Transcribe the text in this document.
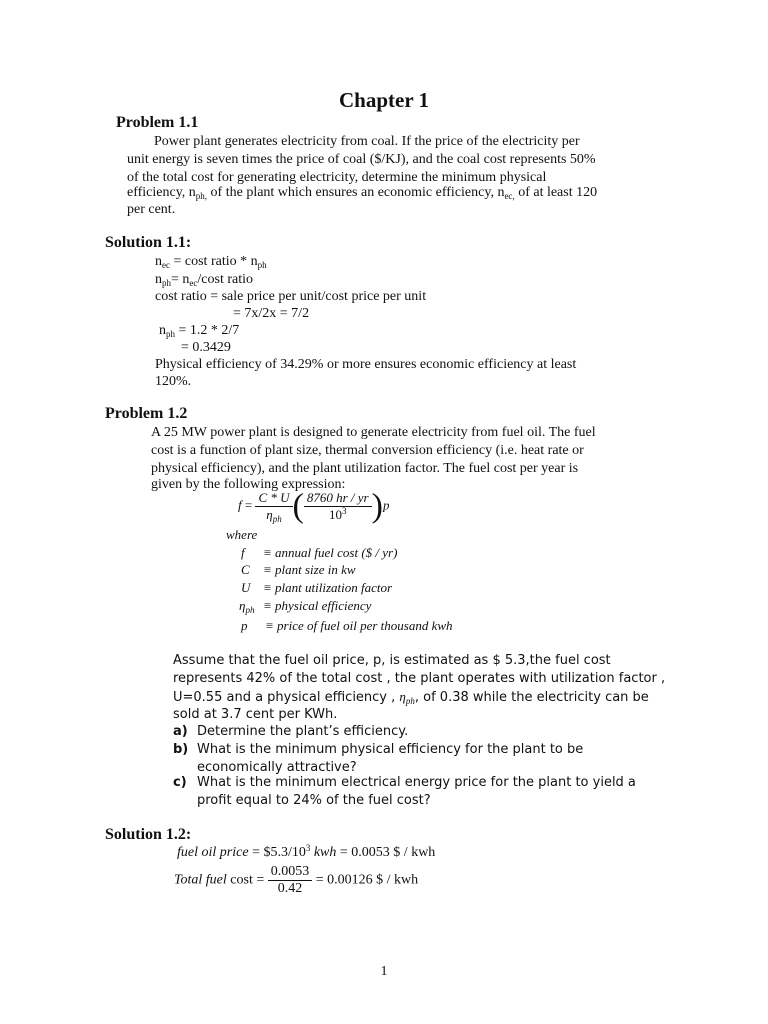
Chapter 1
Problem 1.1
Power plant generates electricity from coal. If the price of the electricity per
unit energy is seven times the price of coal ($/KJ), and the coal cost represents 50%
of the total cost for generating electricity, determine the minimum physical
efficiency, $n_{ph,}$ of the plant which ensures an economic efficiency, $n_{ec,}$ of at least 120
per cent.
Solution 1.1:
$n_{ec} = \cos t$ ratio * $n_{ph}$
$n_{ph}= n_{ec}/\cos t$ ratio
cost ratio = sale price per unit/cost price per unit
= 7x/2x = 7/2
$n_{ph} = 1.2 * 2/7$
= 0.3429
Physical efficiency of 34.29% or more ensures economic efficiency at least
120%.
Problem 1.2
A 25 MW power plant is designed to generate electricity from fuel oil. The fuel
cost is a function of plant size, thermal conversion efficiency (i.e. heat rate or
physical efficiency), and the plant utilization factor. The fuel cost per year is
given by the following expression:
$f = \frac{C * U}{\eta_{ph}}$ ( $\frac{8760 hr / yr}{10^3} )p$
where
f ≡ annual fuel cost ($ / yr)
C ≡ plant size in kw
U ≡ plant utilization factor
$\eta_{ph}$ ≡ physical efficiency
p ≡ price of fuel oil per thousand kwh
Assume that the fuel oil price, p, is estimated as $ 5.3,the fuel cost
represents 42% of the total cost , the plant operates with utilization factor ,
U=0.55 and a physical efficiency , $\eta_{ph}$, of 0.38 while the electricity can be
sold at 3.7 cent per KWh.
a) Determine the plant’s efficiency.
b) What is the minimum physical efficiency for the plant to be
economically attractive?
c) What is the minimum electrical energy price for the plant to yield a
profit equal to 24% of the fuel cost?
Solution 1.2:
fuel oil price = $\$5.3/10^3$ kwh = 0.0053 $ / kwh
Total fuel $\cos t = \frac{0.0053}{0.42} = 0.00126$ $ / kwh
1
